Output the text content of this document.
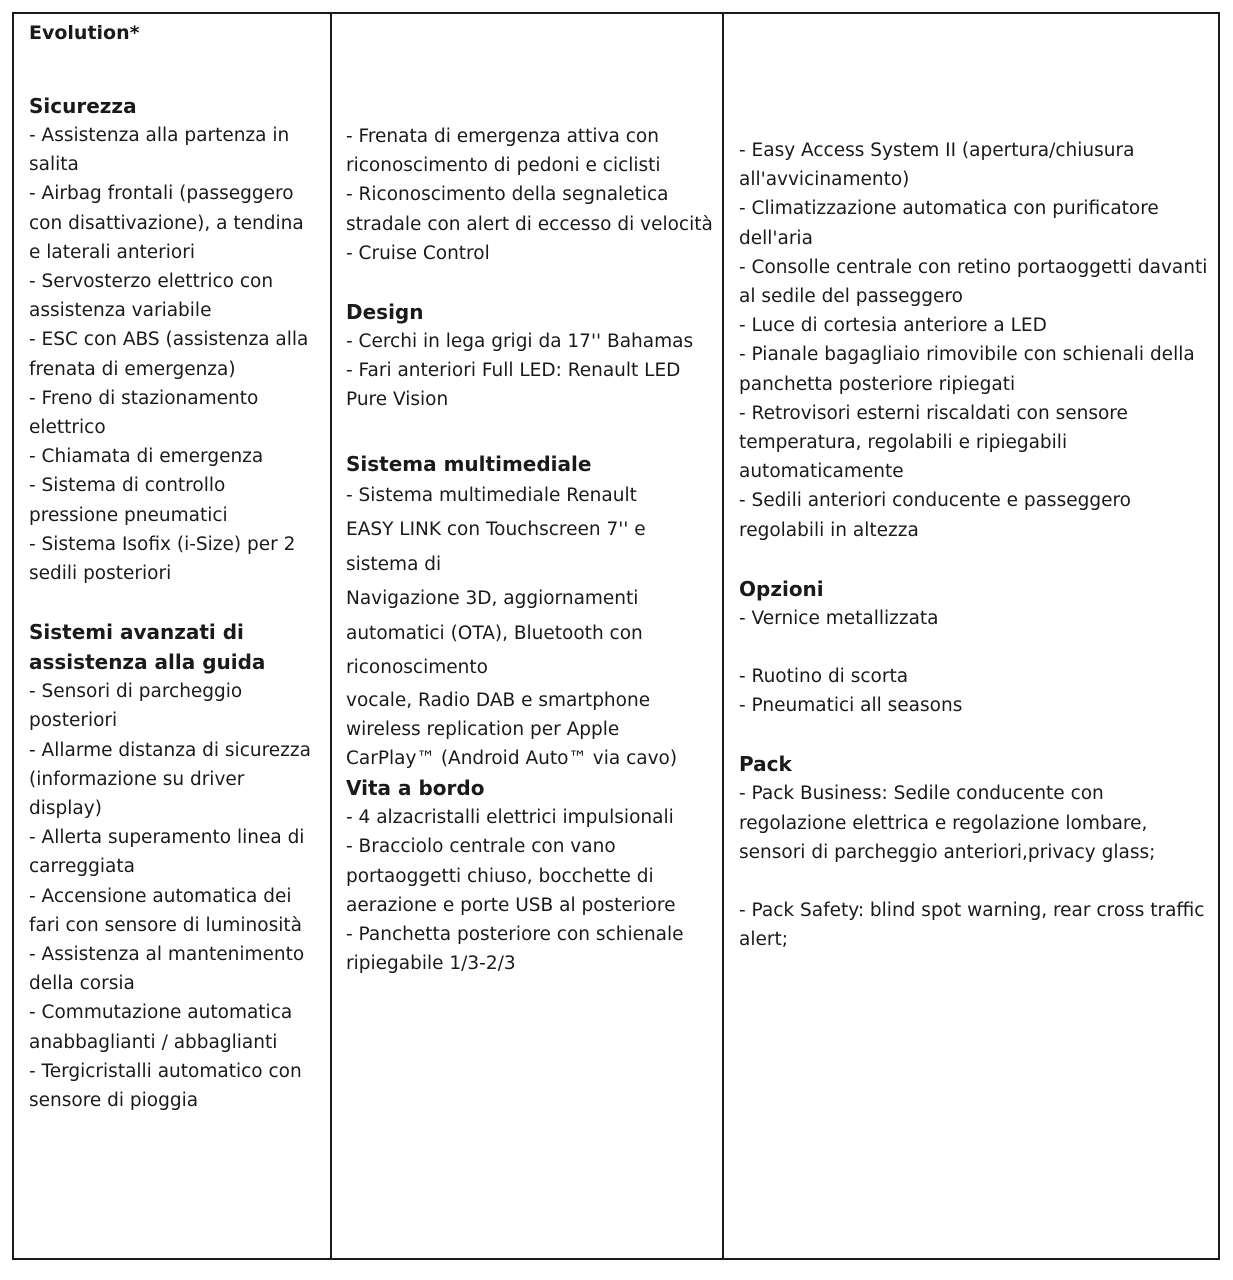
Evolution*

Sicurezza

- Assistenza alla partenza in salita

- Airbag frontali (passeggero con disattivazione), a tendina e laterali anteriori

- Servosterzo elettrico con assistenza variabile

- ESC con ABS (assistenza alla frenata di emergenza)

- Freno di stazionamento elettrico

- Chiamata di emergenza

- Sistema di controllo pressione pneumatici

- Sistema Isofix (i-Size) per 2 sedili posteriori

Sistemi avanzati di assistenza alla guida

- Sensori di parcheggio posteriori

- Allarme distanza di sicurezza (informazione su driver display)

- Allerta superamento linea di carreggiata

- Accensione automatica dei fari con sensore di luminosità

- Assistenza al mantenimento della corsia

- Commutazione automatica anabbaglianti / abbaglianti

- Tergicristalli automatico con sensore di pioggia

- Frenata di emergenza attiva con riconoscimento di pedoni e ciclisti

- Riconoscimento della segnaletica stradale con alert di eccesso di velocità

- Cruise Control

Design

- Cerchi in lega grigi da 17'' Bahamas

- Fari anteriori Full LED: Renault LED Pure Vision

Sistema multimediale

- Sistema multimediale Renault

EASY LINK con Touchscreen 7'' e

sistema di

Navigazione 3D, aggiornamenti

automatici (OTA), Bluetooth con

riconoscimento

vocale, Radio DAB e smartphone

wireless replication per Apple

CarPlay™ (Android Auto™ via cavo)

Vita a bordo

- 4 alzacristalli elettrici impulsionali

- Bracciolo centrale con vano portaoggetti chiuso, bocchette di aerazione e porte USB al posteriore

- Panchetta posteriore con schienale ripiegabile 1/3-2/3

- Easy Access System II (apertura/chiusura all'avvicinamento)

- Climatizzazione automatica con purificatore dell'aria

- Consolle centrale con retino portaoggetti davanti al sedile del passeggero

- Luce di cortesia anteriore a LED

- Pianale bagagliaio rimovibile con schienali della panchetta posteriore ripiegati

- Retrovisori esterni riscaldati con sensore temperatura, regolabili e ripiegabili automaticamente

- Sedili anteriori conducente e passeggero regolabili in altezza

Opzioni

- Vernice metallizzata

- Ruotino di scorta

- Pneumatici all seasons

Pack

- Pack Business: Sedile conducente con regolazione elettrica e regolazione lombare, sensori di parcheggio anteriori,privacy glass;

- Pack Safety: blind spot warning, rear cross traffic alert;
